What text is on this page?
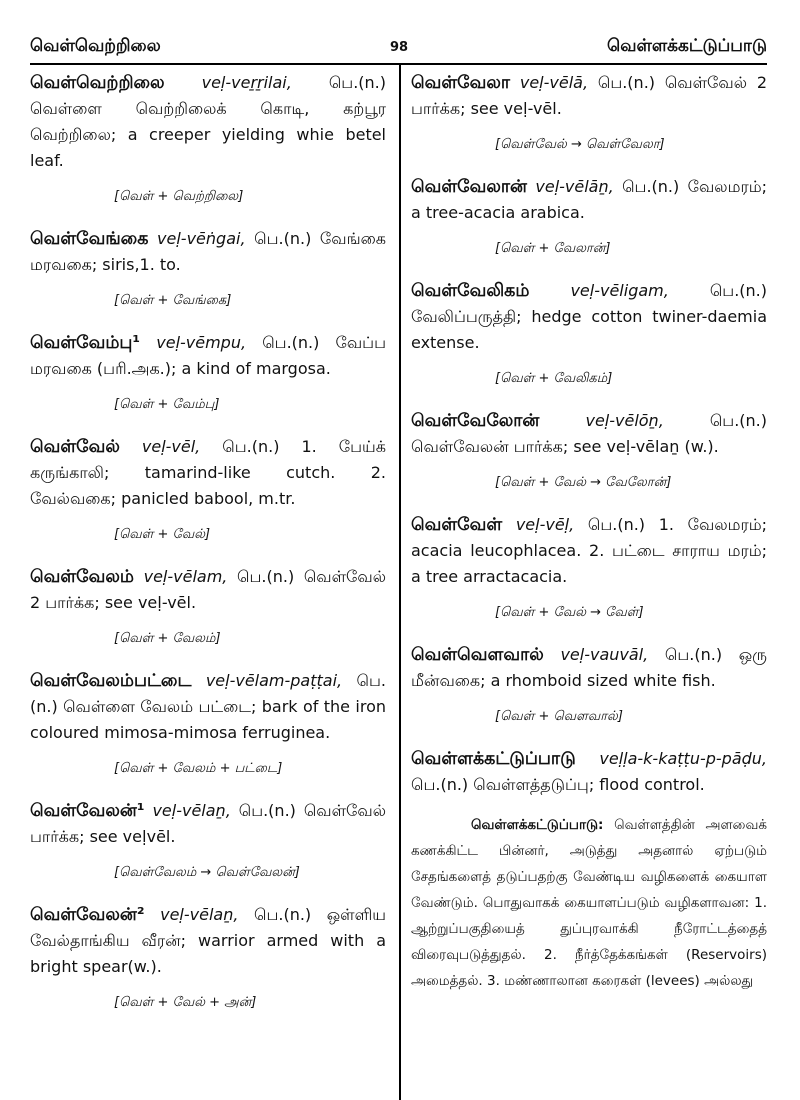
வெள்வெற்றிலை	98	வெள்ளக்கட்டுப்பாடு
வெள்வெற்றிலை veḷ-veṟṟilai, பெ.(n.) வெள்ளை வெற்றிலைக் கொடி, கற்பூர வெற்றிலை; a creeper yielding whie betel leaf.
[வெள் + வெற்றிலை]
வெள்வேங்கை veḷ-vēṅgai, பெ.(n.) வேங்கை மரவகை; siris,1. to.
[வெள் + வேங்கை]
வெள்வேம்பு¹ veḷ-vēmpu, பெ.(n.) வேப்ப மரவகை (பரி.அக.); a kind of margosa.
[வெள் + வேம்பு]
வெள்வேல் veḷ-vēl, பெ.(n.) 1. பேய்க் கருங்காலி; tamarind-like cutch. 2. வேல்வகை; panicled babool, m.tr.
[வெள் + வேல்]
வெள்வேலம் veḷ-vēlam, பெ.(n.) வெள்வேல் 2 பார்க்க; see veḷ-vēl.
[வெள் + வேலம்]
வெள்வேலம்பட்டை veḷ-vēlam-paṭṭai, பெ.(n.) வெள்ளை வேலம் பட்டை; bark of the iron coloured mimosa-mimosa ferruginea.
[வெள் + வேலம் + பட்டை]
வெள்வேலன்¹ veḷ-vēlaṉ, பெ.(n.) வெள்வேல் பார்க்க; see veḷvēl.
[வெள்வேலம் → வெள்வேலன்]
வெள்வேலன்² veḷ-vēlaṉ, பெ.(n.) ஒள்ளிய வேல்தாங்கிய வீரன்; warrior armed with a bright spear(w.).
[வெள் + வேல் + அன்]
வெள்வேலா veḷ-vēlā, பெ.(n.) வெள்வேல் 2 பார்க்க; see veḷ-vēl.
[வெள்வேல் → வெள்வேலா]
வெள்வேலான் veḷ-vēlāṉ, பெ.(n.) வேலமரம்; a tree-acacia arabica.
[வெள் + வேலான்]
வெள்வேலிகம்	veḷ-vēligam,	பெ.(n.) வேலிப்பருத்தி; hedge cotton twiner-daemia extense.
[வெள் + வேலிகம்]
வெள்வேலோன்	veḷ-vēlōṉ,	பெ.(n.) வெள்வேலன் பார்க்க; see veḷ-vēlaṉ (w.).
[வெள் + வேல் → வேலோன்]
வெள்வேள் veḷ-vēḷ, பெ.(n.) 1. வேலமரம்; acacia leucophlacea. 2. பட்டை சாராய மரம்; a tree arractacacia.
[வெள் + வேல் → வேள்]
வெள்வெளவால் veḷ-vauvāl, பெ.(n.) ஒரு மீன்வகை; a rhomboid sized white fish.
[வெள் + வெளவால்]
வெள்ளக்கட்டுப்பாடு veḷḷa-k-kaṭṭu-p-pāḍu, பெ.(n.) வெள்ளத்தடுப்பு; flood control.
வெள்ளக்கட்டுப்பாடு: வெள்ளத்தின் அளவைக் கணக்கிட்ட பின்னர், அடுத்து அதனால் ஏற்படும் சேதங்களைத் தடுப்பதற்கு வேண்டிய வழிகளைக் கையாள வேண்டும். பொதுவாகக் கையாளப்படும் வழிகளாவன: 1. ஆற்றுப்பகுதியைத் துப்புரவாக்கி நீரோட்டத்தைத் விரைவுபடுத்துதல். 2. நீர்த்தேக்கங்கள் (Reservoirs) அமைத்தல். 3. மண்ணாலான கரைகள் (levees) அல்லது
